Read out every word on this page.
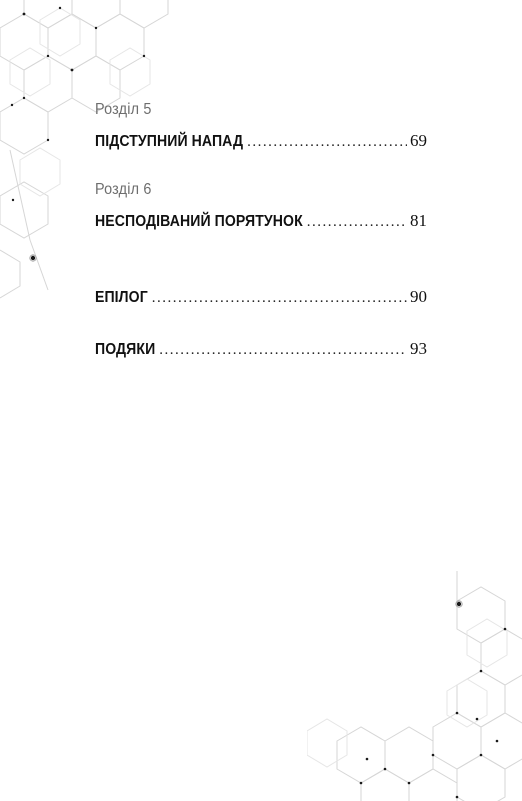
Розділ 5
ПІДСТУПНИЙ НАПАД .....	69
Розділ 6
НЕСПОДІВАНИЙ ПОРЯТУНОК .....	81
ЕПІЛОГ .....	90
ПОДЯКИ .....	93
